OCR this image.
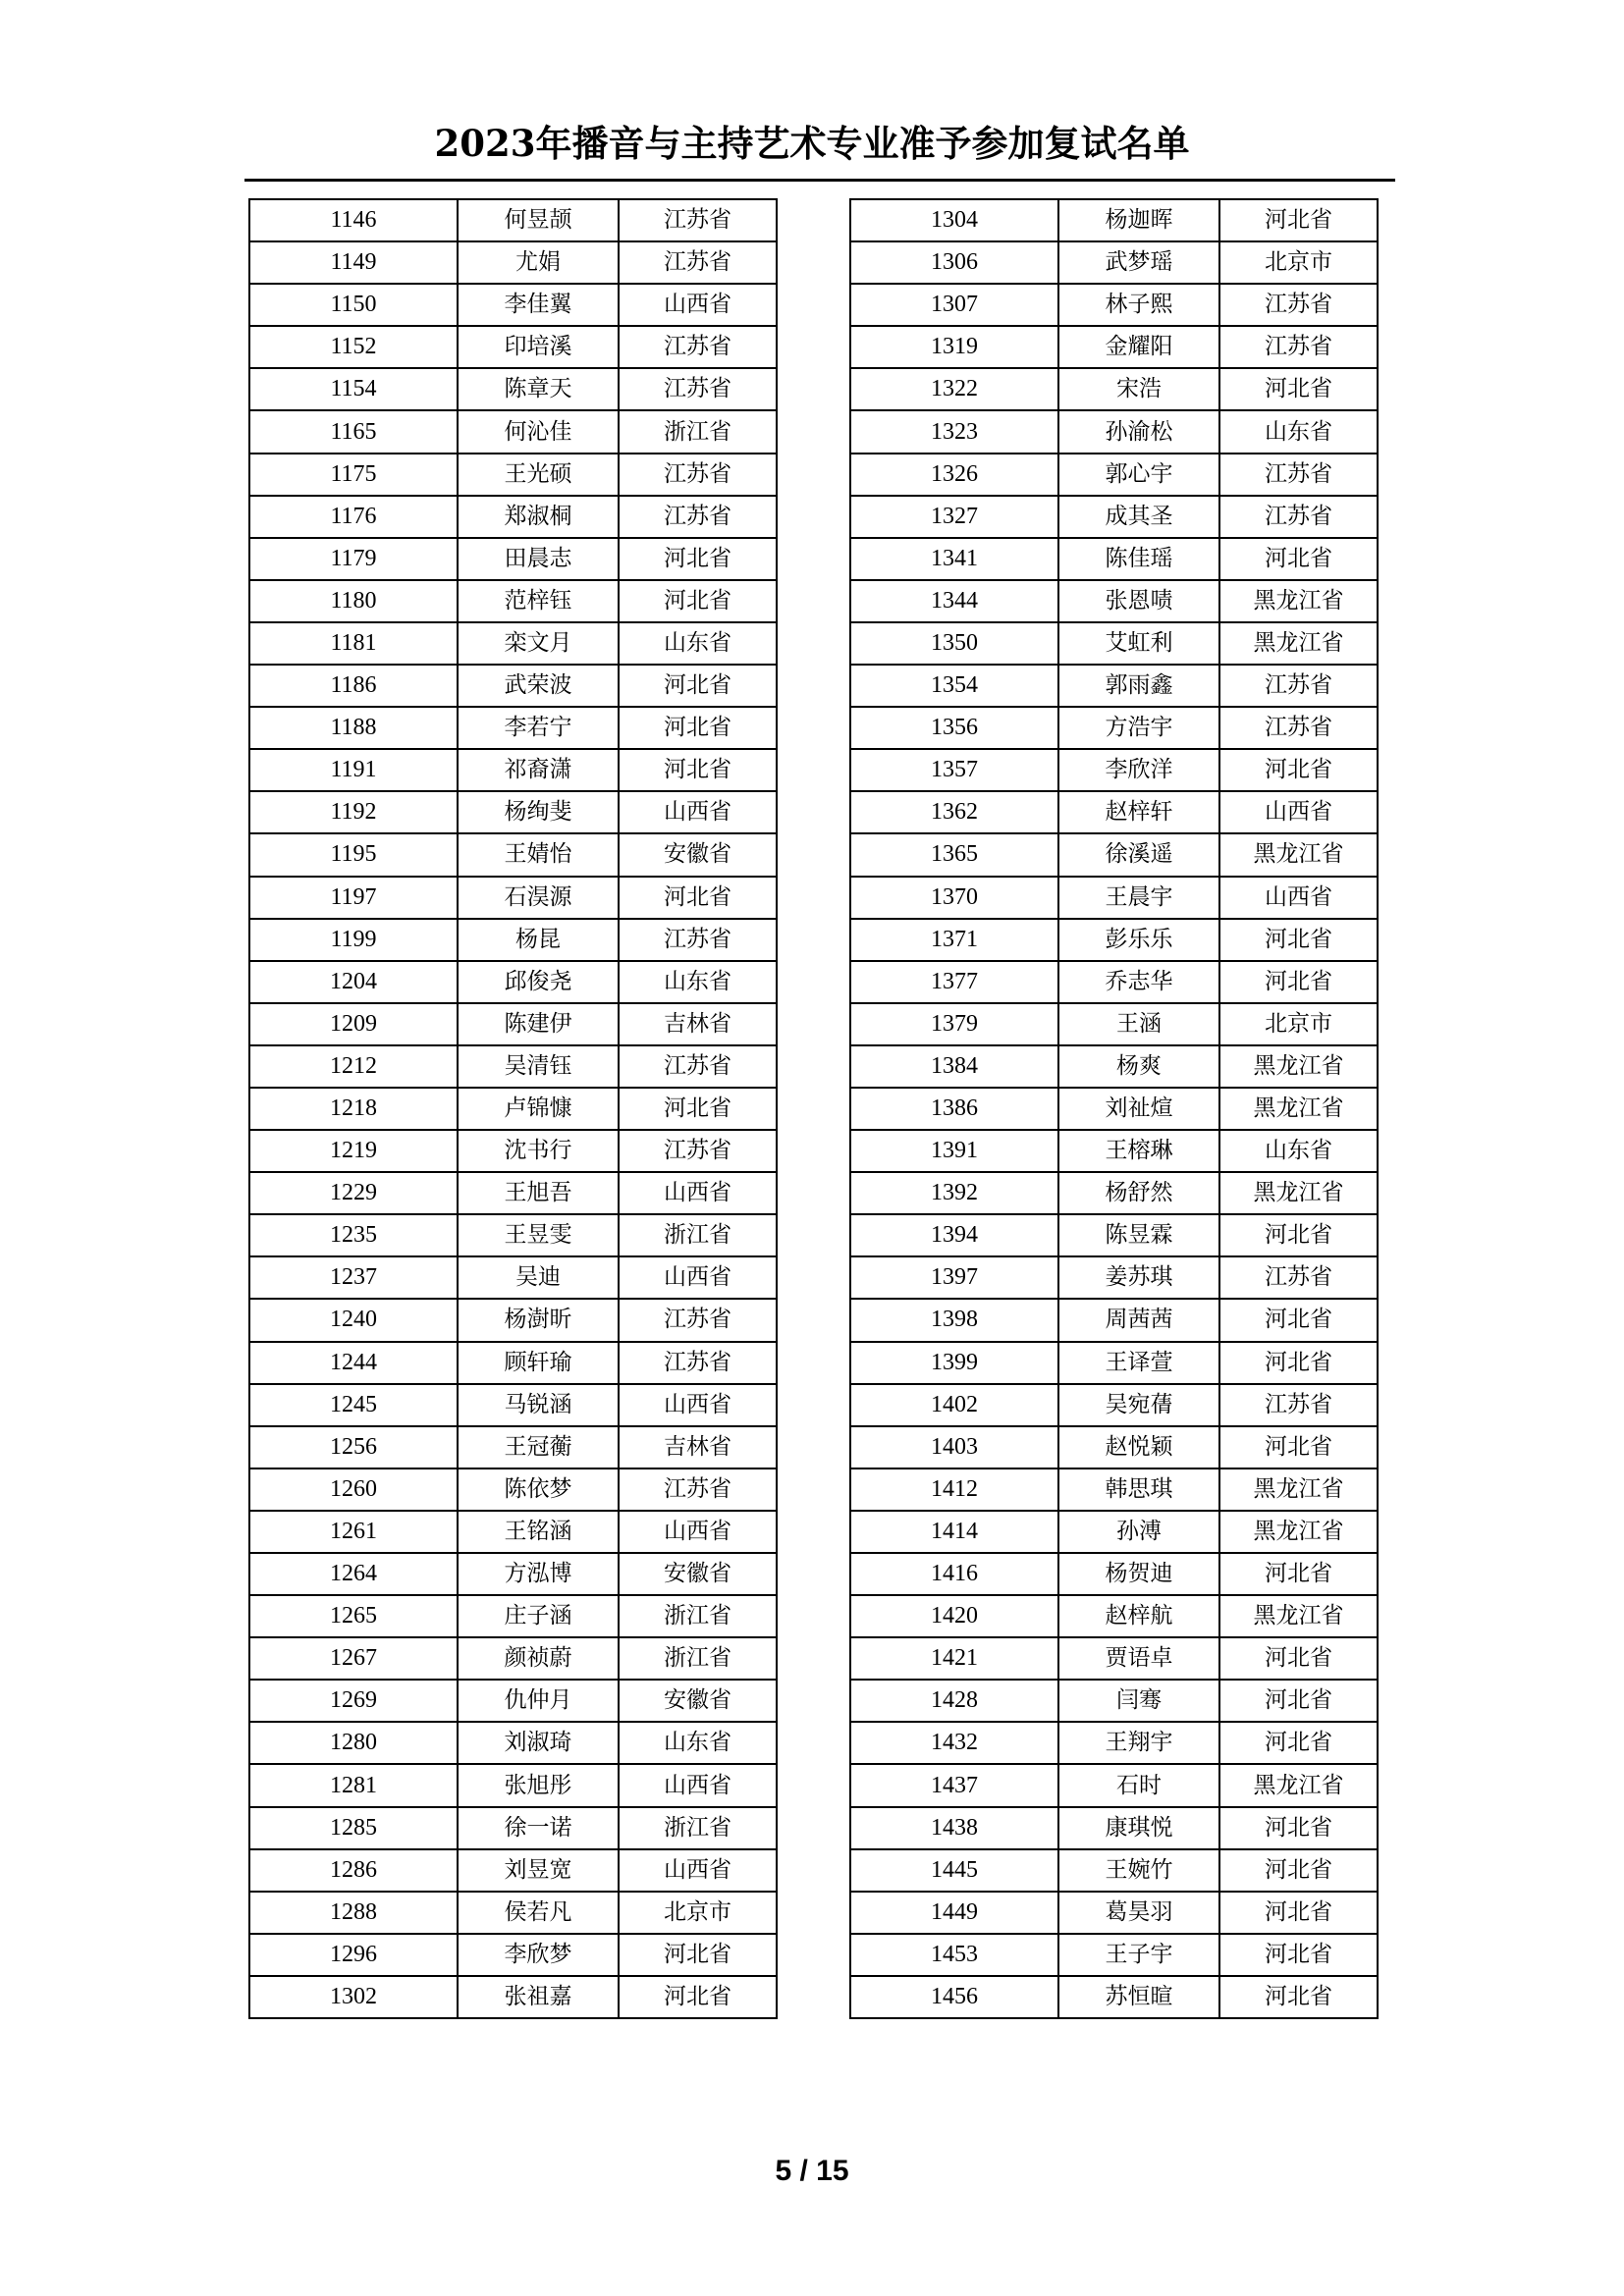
2023年播音与主持艺术专业准予参加复试名单
1146	何昱颉	江苏省
1149	尤娟	江苏省
1150	李佳翼	山西省
1152	印培溪	江苏省
1154	陈章天	江苏省
1165	何沁佳	浙江省
1175	王光硕	江苏省
1176	郑淑桐	江苏省
1179	田晨志	河北省
1180	范梓钰	河北省
1181	栾文月	山东省
1186	武荣波	河北省
1188	李若宁	河北省
1191	祁裔潇	河北省
1192	杨绚斐	山西省
1195	王婧怡	安徽省
1197	石淏源	河北省
1199	杨昆	江苏省
1204	邱俊尧	山东省
1209	陈建伊	吉林省
1212	吴清钰	江苏省
1218	卢锦慷	河北省
1219	沈书行	江苏省
1229	王旭吾	山西省
1235	王昱雯	浙江省
1237	吴迪	山西省
1240	杨澍昕	江苏省
1244	顾轩瑜	江苏省
1245	马锐涵	山西省
1256	王冠蘅	吉林省
1260	陈依梦	江苏省
1261	王铭涵	山西省
1264	方泓博	安徽省
1265	庄子涵	浙江省
1267	颜祯蔚	浙江省
1269	仇仲月	安徽省
1280	刘淑琦	山东省
1281	张旭彤	山西省
1285	徐一诺	浙江省
1286	刘昱宽	山西省
1288	侯若凡	北京市
1296	李欣梦	河北省
1302	张祖嘉	河北省
1304	杨迦晖	河北省
1306	武梦瑶	北京市
1307	林子熙	江苏省
1319	金耀阳	江苏省
1322	宋浩	河北省
1323	孙渝松	山东省
1326	郭心宇	江苏省
1327	成其圣	江苏省
1341	陈佳瑶	河北省
1344	张恩啧	黑龙江省
1350	艾虹利	黑龙江省
1354	郭雨鑫	江苏省
1356	方浩宇	江苏省
1357	李欣洋	河北省
1362	赵梓轩	山西省
1365	徐溪遥	黑龙江省
1370	王晨宇	山西省
1371	彭乐乐	河北省
1377	乔志华	河北省
1379	王涵	北京市
1384	杨爽	黑龙江省
1386	刘祉煊	黑龙江省
1391	王榕琳	山东省
1392	杨舒然	黑龙江省
1394	陈昱霖	河北省
1397	姜苏琪	江苏省
1398	周茜茜	河北省
1399	王译萱	河北省
1402	吴宛蒨	江苏省
1403	赵悦颖	河北省
1412	韩思琪	黑龙江省
1414	孙溥	黑龙江省
1416	杨贺迪	河北省
1420	赵梓航	黑龙江省
1421	贾语卓	河北省
1428	闫骞	河北省
1432	王翔宇	河北省
1437	石时	黑龙江省
1438	康琪悦	河北省
1445	王婉竹	河北省
1449	葛昊羽	河北省
1453	王子宇	河北省
1456	苏恒暄	河北省
5 / 15
